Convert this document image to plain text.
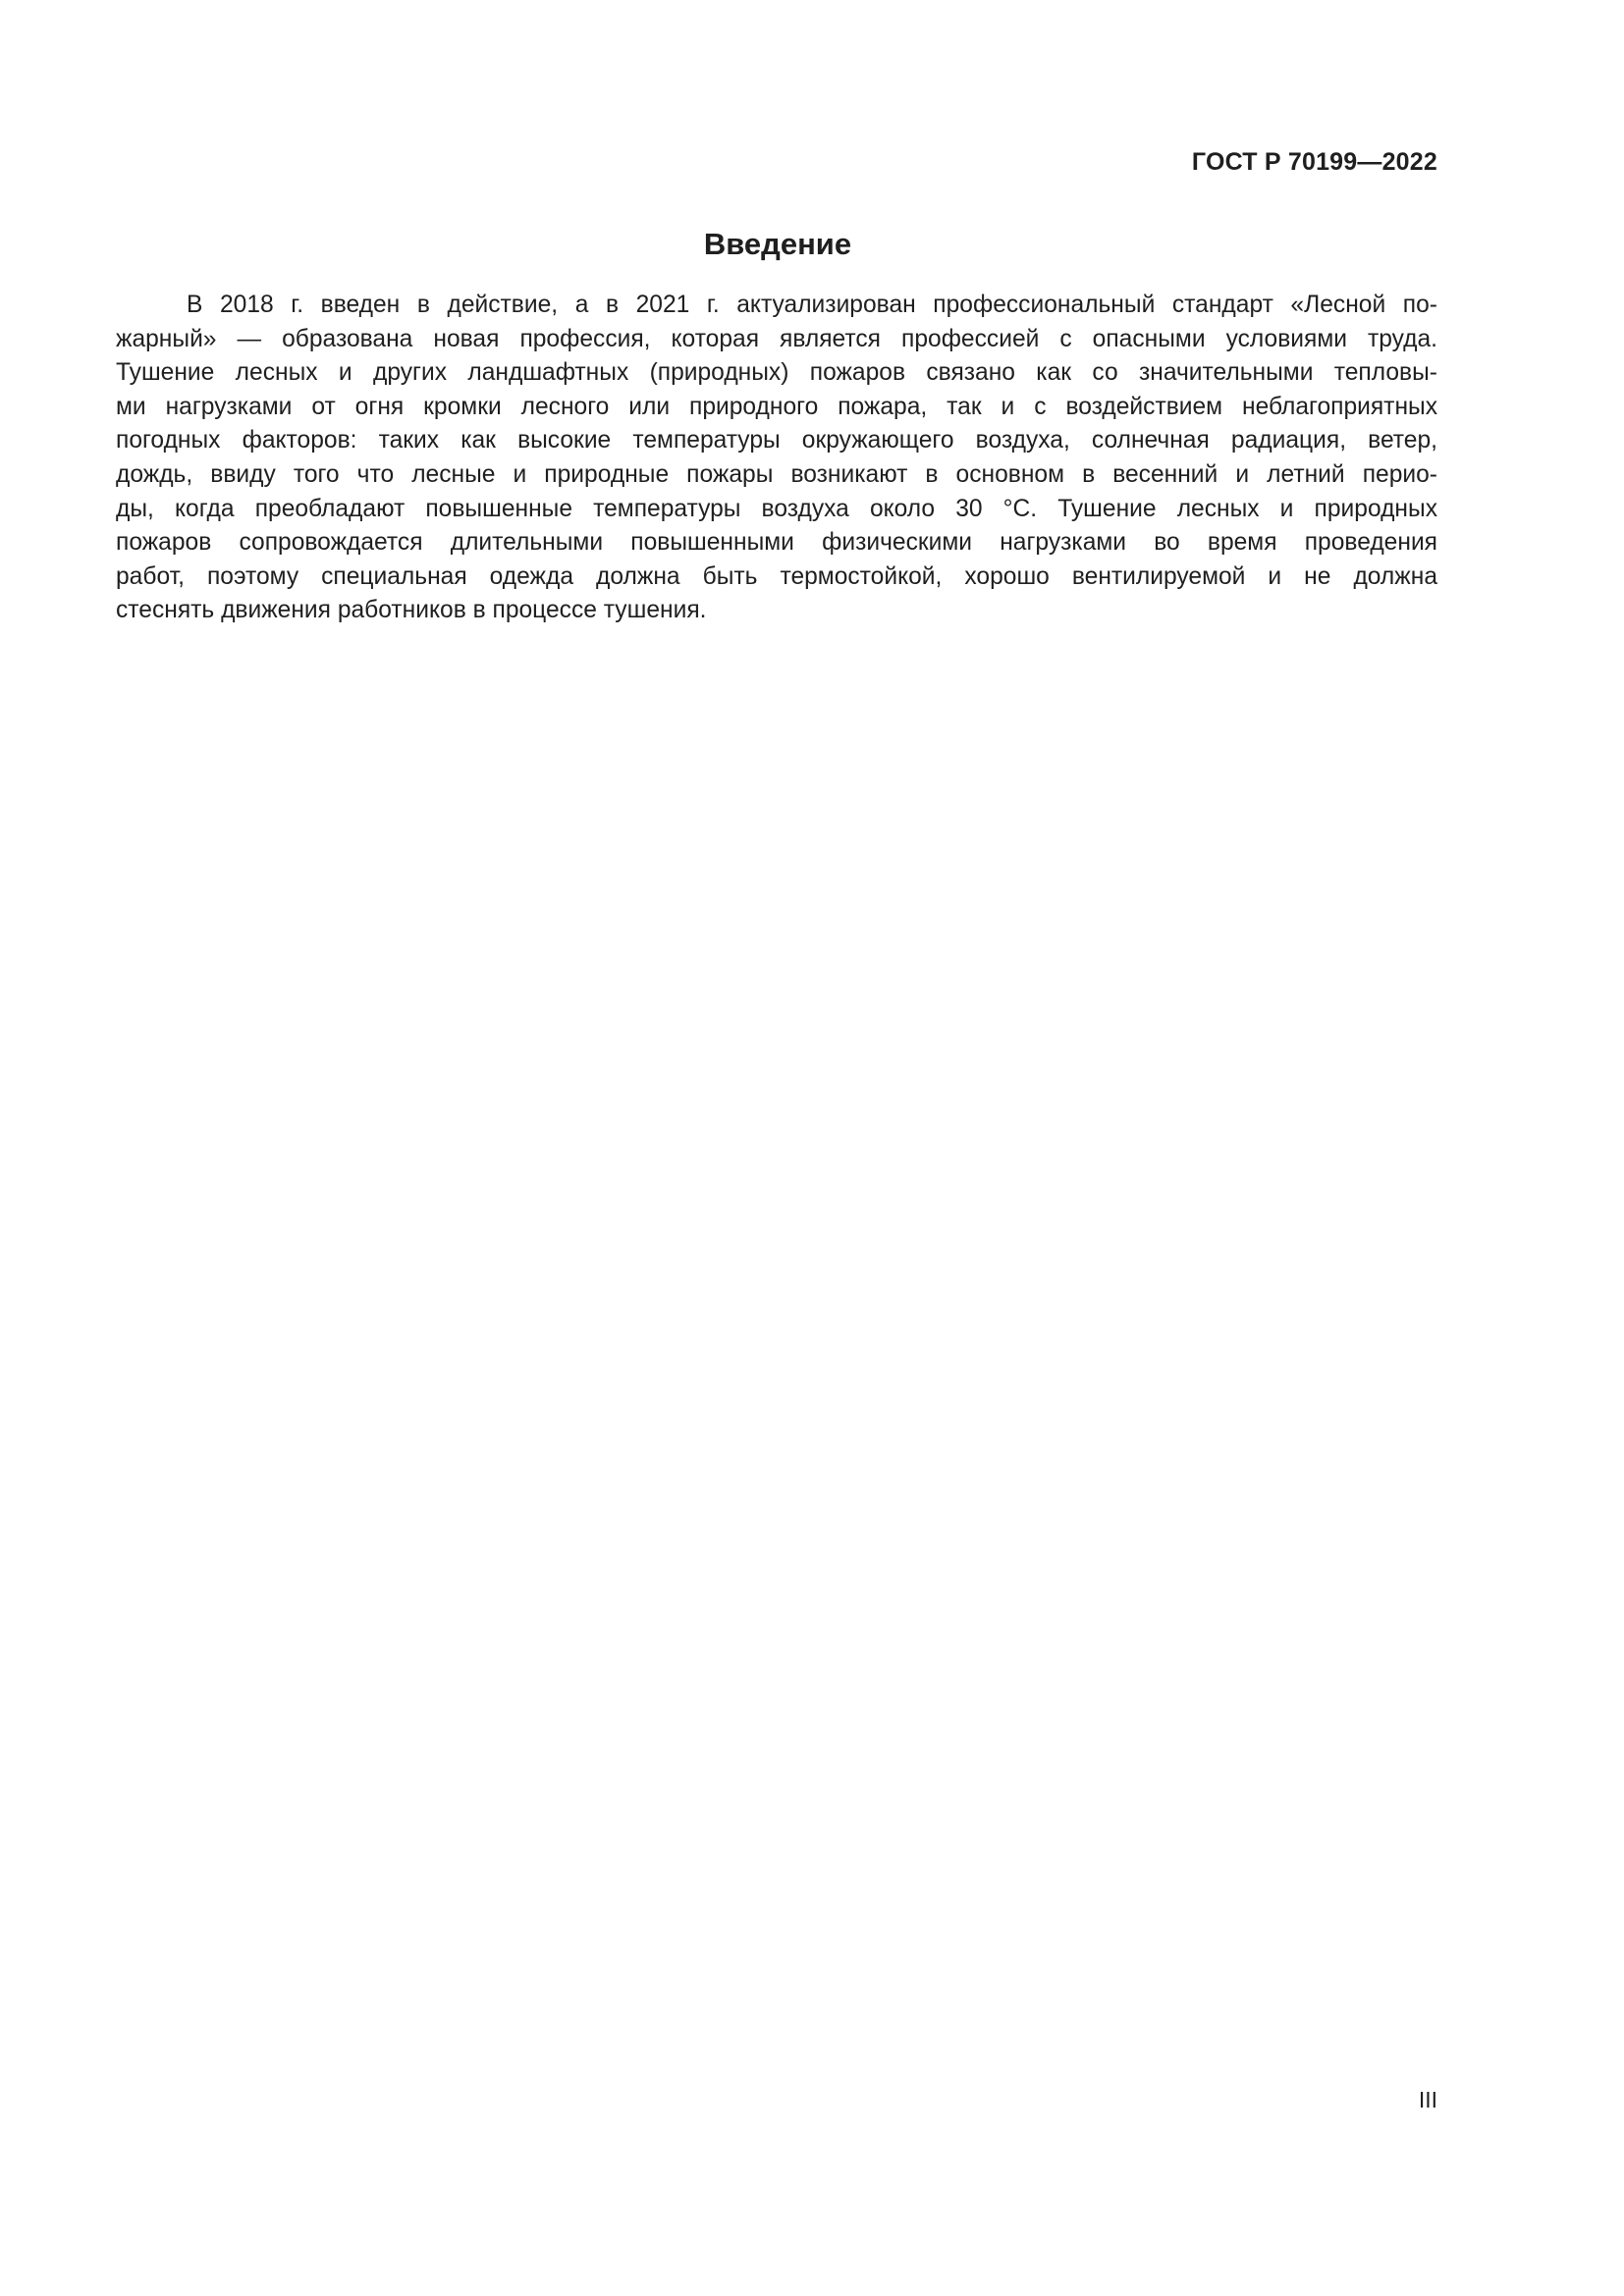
ГОСТ Р 70199—2022
Введение
В 2018 г. введен в действие, а в 2021 г. актуализирован профессиональный стандарт «Лесной по-
жарный» — образована новая профессия, которая является профессией с опасными условиями труда.
Тушение лесных и других ландшафтных (природных) пожаров связано как со значительными тепловы-
ми нагрузками от огня кромки лесного или природного пожара, так и с воздействием неблагоприятных
погодных факторов: таких как высокие температуры окружающего воздуха, солнечная радиация, ветер,
дождь, ввиду того что лесные и природные пожары возникают в основном в весенний и летний перио-
ды, когда преобладают повышенные температуры воздуха около 30 °С. Тушение лесных и природных
пожаров сопровождается длительными повышенными физическими нагрузками во время проведения
работ, поэтому специальная одежда должна быть термостойкой, хорошо вентилируемой и не должна
стеснять движения работников в процессе тушения.
III
